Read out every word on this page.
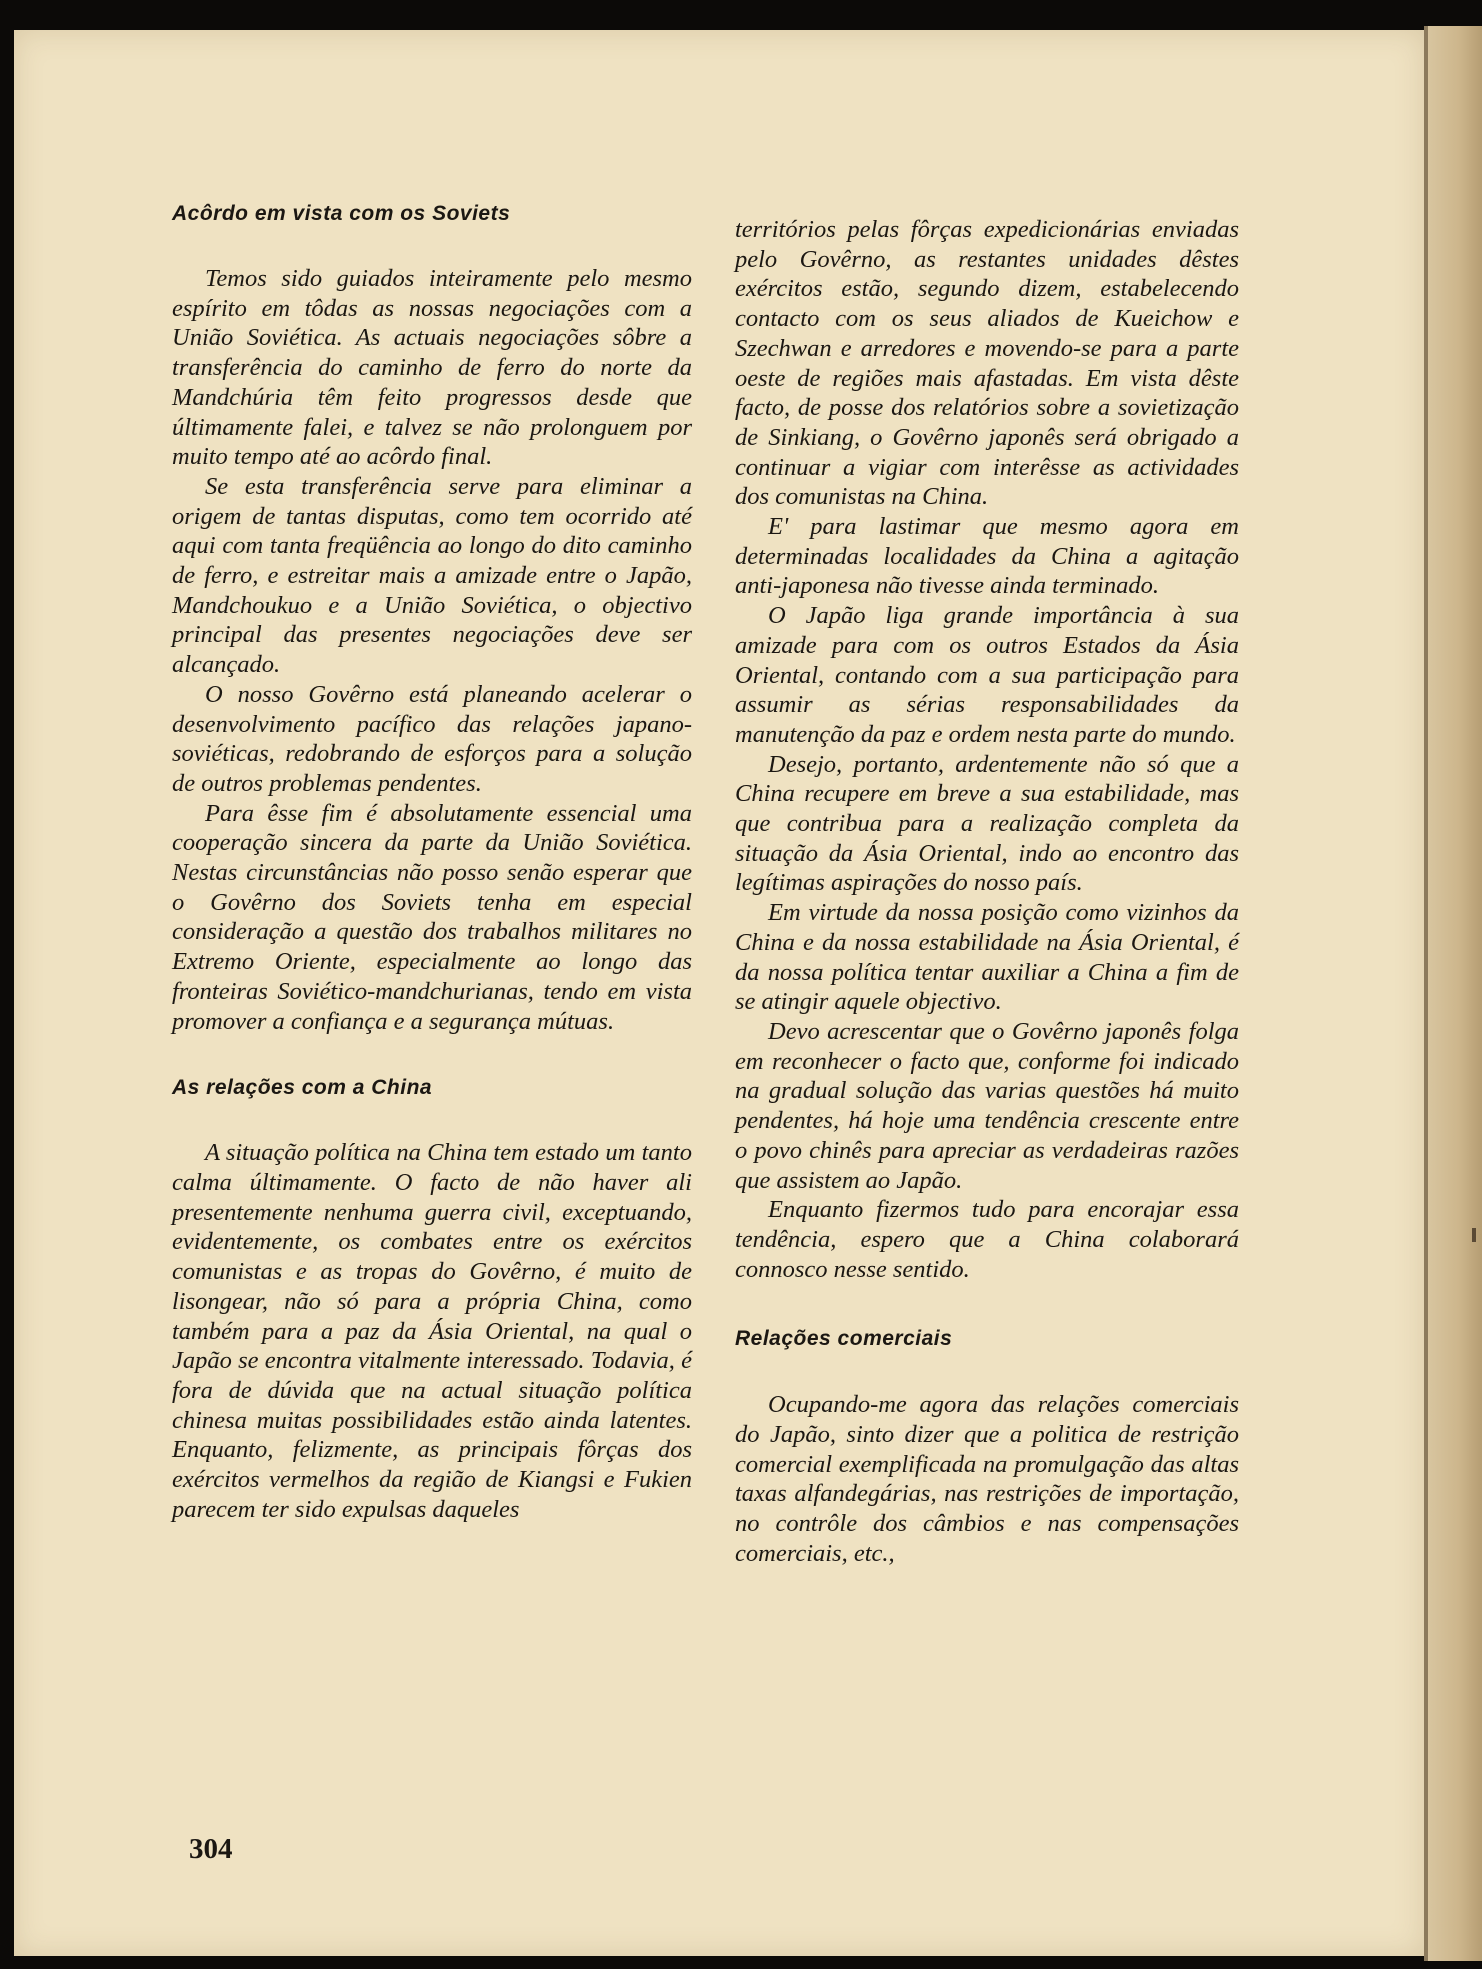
Acôrdo em vista com os Soviets

Temos sido guiados inteiramente pelo mesmo espírito em tôdas as nossas negociações com a União Soviética. As actuais negociações sôbre a transferência do caminho de ferro do norte da Mandchúria têm feito progressos desde que últimamente falei, e talvez se não prolonguem por muito tempo até ao acôrdo final.

Se esta transferência serve para eliminar a origem de tantas disputas, como tem ocorrido até aqui com tanta freqüência ao longo do dito caminho de ferro, e estreitar mais a amizade entre o Japão, Mandchoukuo e a União Soviética, o objectivo principal das presentes negociações deve ser alcançado.

O nosso Govêrno está planeando acelerar o desenvolvimento pacífico das relações japano-soviéticas, redobrando de esforços para a solução de outros problemas pendentes.

Para êsse fim é absolutamente essencial uma cooperação sincera da parte da União Soviética. Nestas circunstâncias não posso senão esperar que o Govêrno dos Soviets tenha em especial consideração a questão dos trabalhos militares no Extremo Oriente, especialmente ao longo das fronteiras Soviético-mandchurianas, tendo em vista promover a confiança e a segurança mútuas.

As relações com a China

A situação política na China tem estado um tanto calma últimamente. O facto de não haver ali presentemente nenhuma guerra civil, exceptuando, evidentemente, os combates entre os exércitos comunistas e as tropas do Govêrno, é muito de lisongear, não só para a própria China, como também para a paz da Ásia Oriental, na qual o Japão se encontra vitalmente interessado. Todavia, é fora de dúvida que na actual situação política chinesa muitas possibilidades estão ainda latentes. Enquanto, felizmente, as principais fôrças dos exércitos vermelhos da região de Kiangsi e Fukien parecem ter sido expulsas daqueles

territórios pelas fôrças expedicionárias enviadas pelo Govêrno, as restantes unidades dêstes exércitos estão, segundo dizem, estabelecendo contacto com os seus aliados de Kueichow e Szechwan e arredores e movendo-se para a parte oeste de regiões mais afastadas. Em vista dêste facto, de posse dos relatórios sobre a sovietização de Sinkiang, o Govêrno japonês será obrigado a continuar a vigiar com interêsse as actividades dos comunistas na China.

E' para lastimar que mesmo agora em determinadas localidades da China a agitação anti-japonesa não tivesse ainda terminado.

O Japão liga grande importância à sua amizade para com os outros Estados da Ásia Oriental, contando com a sua participação para assumir as sérias responsabilidades da manutenção da paz e ordem nesta parte do mundo.

Desejo, portanto, ardentemente não só que a China recupere em breve a sua estabilidade, mas que contribua para a realização completa da situação da Ásia Oriental, indo ao encontro das legítimas aspirações do nosso país.

Em virtude da nossa posição como vizinhos da China e da nossa estabilidade na Ásia Oriental, é da nossa política tentar auxiliar a China a fim de se atingir aquele objectivo.

Devo acrescentar que o Govêrno japonês folga em reconhecer o facto que, conforme foi indicado na gradual solução das varias questões há muito pendentes, há hoje uma tendência crescente entre o povo chinês para apreciar as verdadeiras razões que assistem ao Japão.

Enquanto fizermos tudo para encorajar essa tendência, espero que a China colaborará connosco nesse sentido.

Relações comerciais

Ocupando-me agora das relações comerciais do Japão, sinto dizer que a politica de restrição comercial exemplificada na promulgação das altas taxas alfandegárias, nas restrições de importação, no contrôle dos câmbios e nas compensações comerciais, etc.,

304
